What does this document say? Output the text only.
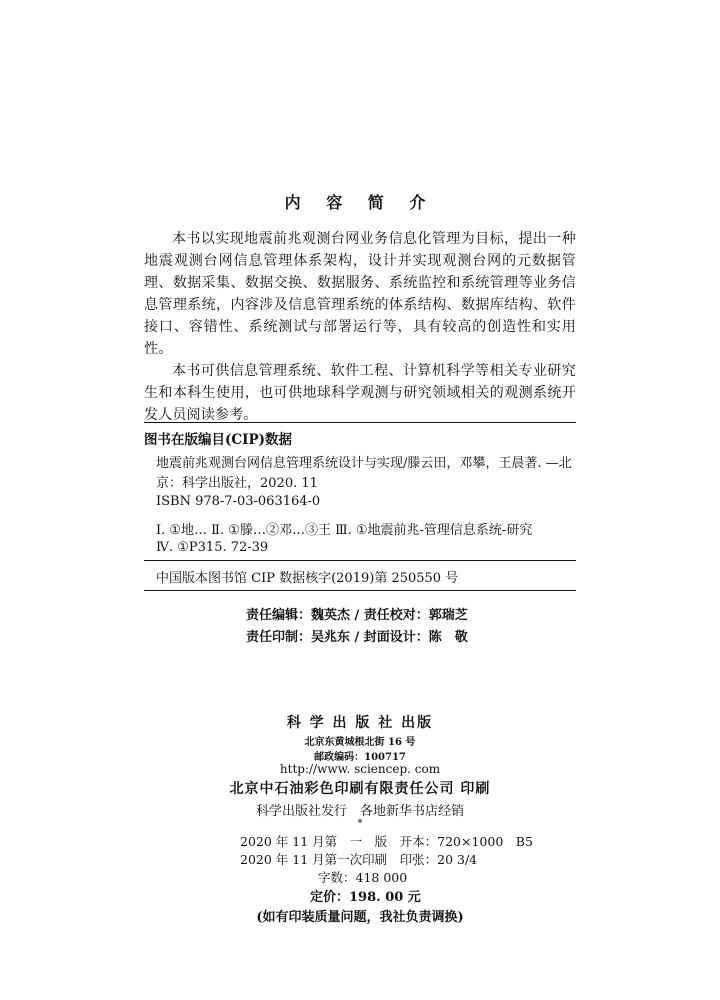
内 容 简 介

本书以实现地震前兆观测台网业务信息化管理为目标，提出一种地震观测台网信息管理体系架构，设计并实现观测台网的元数据管理、数据采集、数据交换、数据服务、系统监控和系统管理等业务信息管理系统，内容涉及信息管理系统的体系结构、数据库结构、软件接口、容错性、系统测试与部署运行等，具有较高的创造性和实用性。

本书可供信息管理系统、软件工程、计算机科学等相关专业研究生和本科生使用，也可供地球科学观测与研究领域相关的观测系统开发人员阅读参考。

图书在版编目(CIP)数据
地震前兆观测台网信息管理系统设计与实现/滕云田，邓攀，王晨著. —北
京：科学出版社，2020. 11
ISBN 978-7-03-063164-0
Ⅰ. ①地… Ⅱ. ①滕…②邓…③王 Ⅲ. ①地震前兆-管理信息系统-研究
Ⅳ. ①P315. 72-39
中国版本图书馆 CIP 数据核字(2019)第 250550 号
责任编辑：魏英杰 / 责任校对：郭瑞芝
责任印制：吴兆东 / 封面设计：陈　敬
科 学 出 版 社 出版
北京东黄城根北街 16 号
邮政编码：100717
http://www. sciencep. com
北京中石油彩色印刷有限责任公司 印刷
科学出版社发行　各地新华书店经销
*
2020 年 11 月第　一　版　开本：720×1000　B5
2020 年 11 月第一次印刷　印张：20 3/4
字数：418 000
定价：198. 00 元
(如有印装质量问题，我社负责调换)
